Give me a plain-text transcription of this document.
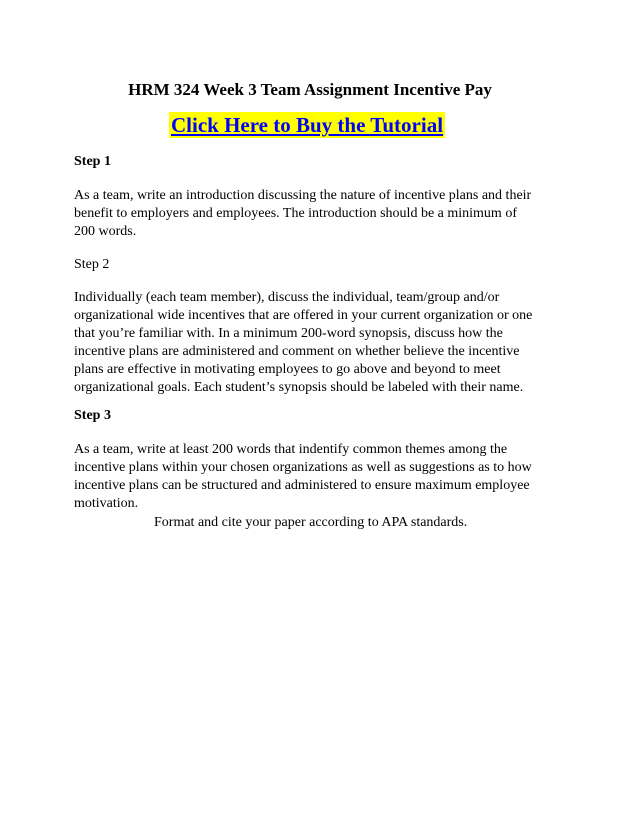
HRM 324 Week 3 Team Assignment Incentive Pay
Click Here to Buy the Tutorial
Step 1
As a team, write an introduction discussing the nature of incentive plans and their
benefit to employers and employees. The introduction should be a minimum of
200 words.
Step 2
Individually (each team member), discuss the individual, team/group and/or
organizational wide incentives that are offered in your current organization or one
that you’re familiar with. In a minimum 200-word synopsis, discuss how the
incentive plans are administered and comment on whether believe the incentive
plans are effective in motivating employees to go above and beyond to meet
organizational goals. Each student’s synopsis should be labeled with their name.
Step 3
As a team, write at least 200 words that indentify common themes among the
incentive plans within your chosen organizations as well as suggestions as to how
incentive plans can be structured and administered to ensure maximum employee
motivation.
Format and cite your paper according to APA standards.
